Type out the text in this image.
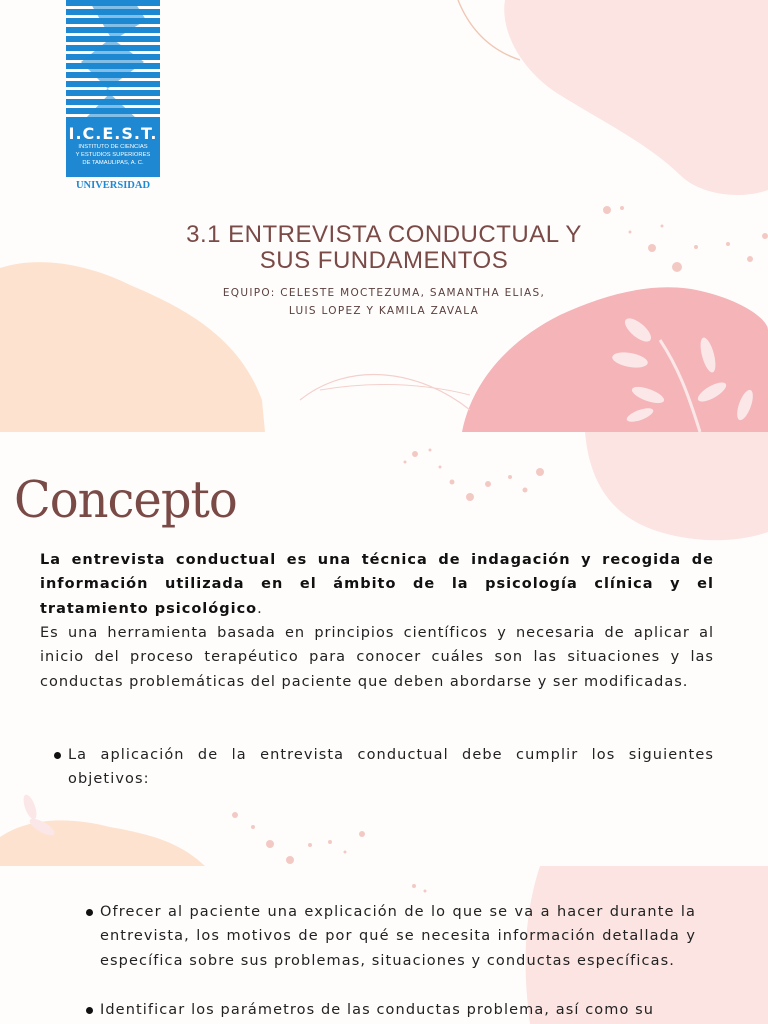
I.C.E.S.T.
INSTITUTO DE CIENCIAS
Y ESTUDIOS SUPERIORES
DE TAMAULIPAS, A. C.
UNIVERSIDAD
3.1 ENTREVISTA CONDUCTUAL Y
SUS FUNDAMENTOS
EQUIPO: CELESTE MOCTEZUMA, SAMANTHA ELIAS,
LUIS LOPEZ Y KAMILA ZAVALA
Concepto

La entrevista conductual es una técnica de indagación y recogida de información utilizada en el ámbito de la psicología clínica y el tratamiento psicológico.

Es una herramienta basada en principios científicos y necesaria de aplicar al inicio del proceso terapéutico para conocer cuáles son las situaciones y las conductas problemáticas del paciente que deben abordarse y ser modificadas.

La aplicación de la entrevista conductual debe cumplir los siguientes objetivos:
Ofrecer al paciente una explicación de lo que se va a hacer durante la entrevista, los motivos de por qué se necesita información detallada y específica sobre sus problemas, situaciones y conductas específicas.
Identificar los parámetros de las conductas problema, así como su
